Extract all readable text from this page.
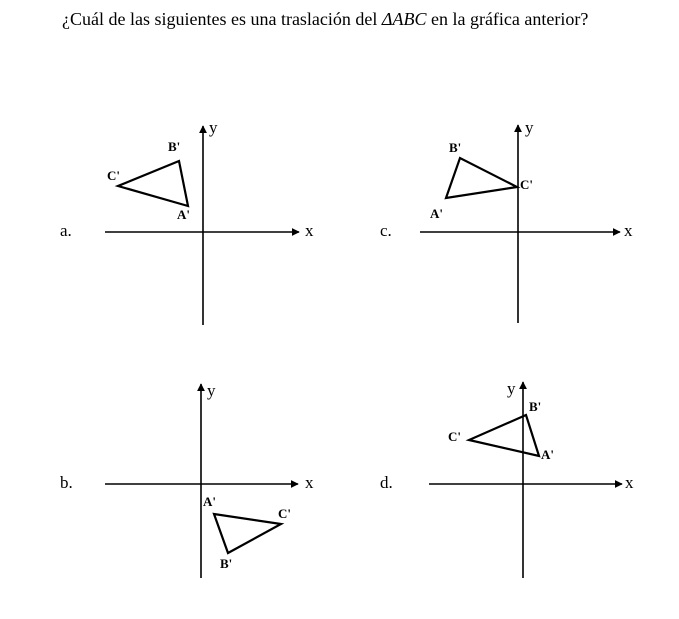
¿Cuál de las siguientes es una traslación del ΔABC en la gráfica anterior?
a.	x
y
A'
B'
C'
c.	x
y
A'
B'
C'
b.	x
y
A'
B'
C'
d.	x
y
A'
B'
C'
